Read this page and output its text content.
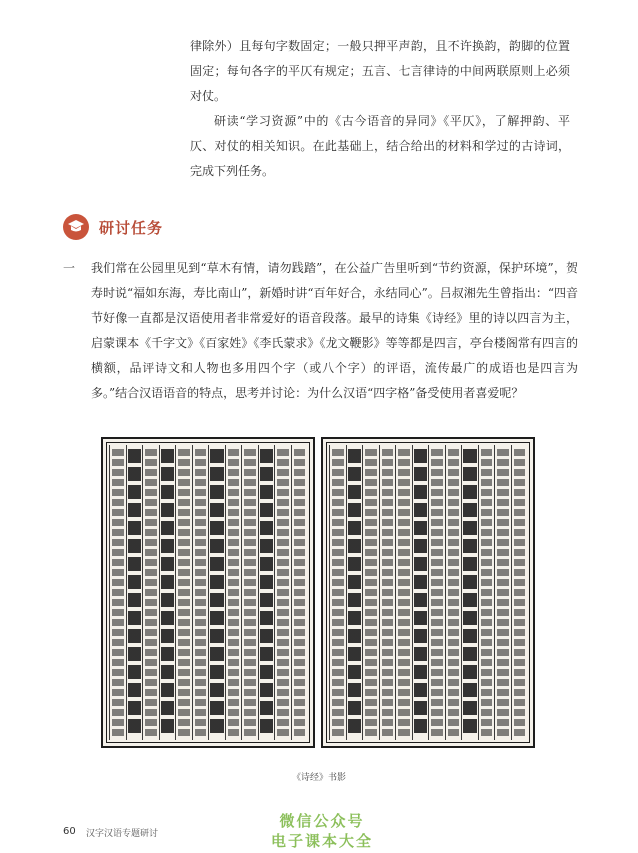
律除外）且每句字数固定；一般只押平声韵，且不许换韵，韵脚的位置固定；每句各字的平仄有规定；五言、七言律诗的中间两联原则上必须对仗。

研读“学习资源”中的《古今语音的异同》《平仄》，了解押韵、平仄、对仗的相关知识。在此基础上，结合给出的材料和学过的古诗词，完成下列任务。

研讨任务
一 我们常在公园里见到“草木有情，请勿践踏”，在公益广告里听到“节约资源，保护环境”，贺寿时说“福如东海，寿比南山”，新婚时讲“百年好合，永结同心”。吕叔湘先生曾指出：“四音节好像一直都是汉语使用者非常爱好的语音段落。最早的诗集《诗经》里的诗以四言为主，启蒙课本《千字文》《百家姓》《李氏蒙求》《龙文鞭影》等等都是四言，亭台楼阁常有四言的横额，品评诗文和人物也多用四个字（或八个字）的评语，流传最广的成语也是四言为多。”结合汉语语音的特点，思考并讨论：为什么汉语“四字格”备受使用者喜爱呢？

《诗经》书影
60 汉字汉语专题研讨
微信公众号
电子课本大全
